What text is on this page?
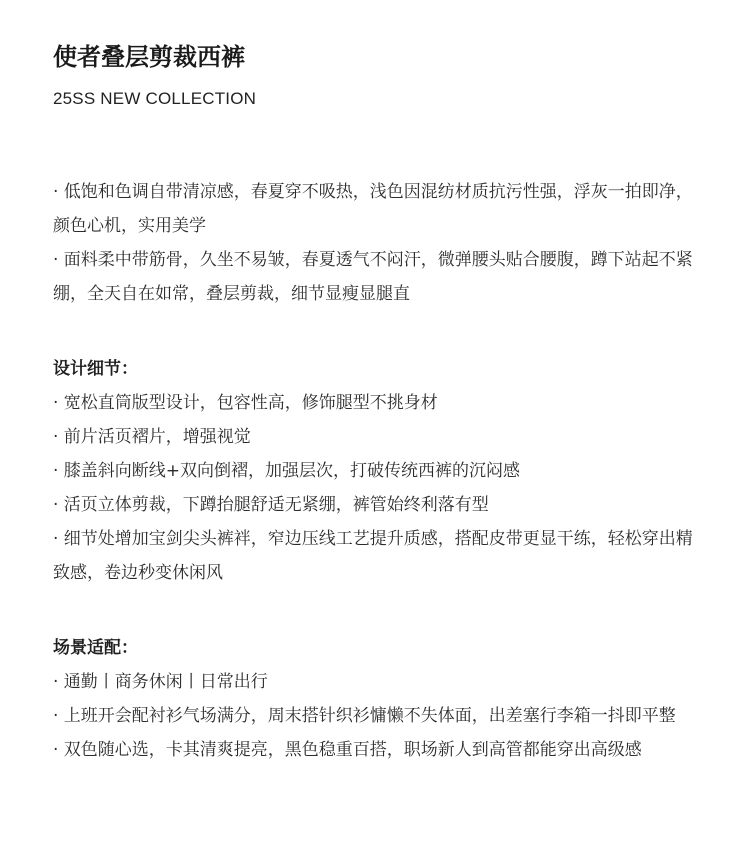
使者叠层剪裁西裤
25SS NEW COLLECTION

· 低饱和色调自带清凉感，春夏穿不吸热，浅色因混纺材质抗污性强，浮灰一拍即净，颜色心机，实用美学

· 面料柔中带筋骨，久坐不易皱，春夏透气不闷汗，微弹腰头贴合腰腹，蹲下站起不紧绷，全天自在如常，叠层剪裁，细节显瘦显腿直

设计细节：

· 宽松直筒版型设计，包容性高，修饰腿型不挑身材

· 前片活页褶片，增强视觉

· 膝盖斜向断线+双向倒褶，加强层次，打破传统西裤的沉闷感

· 活页立体剪裁，下蹲抬腿舒适无紧绷，裤管始终利落有型

· 细节处增加宝剑尖头裤袢，窄边压线工艺提升质感，搭配皮带更显干练，轻松穿出精致感，卷边秒变休闲风

场景适配：

· 通勤丨商务休闲丨日常出行

· 上班开会配衬衫气场满分，周末搭针织衫慵懒不失体面，出差塞行李箱一抖即平整

· 双色随心选，卡其清爽提亮，黑色稳重百搭，职场新人到高管都能穿出高级感
